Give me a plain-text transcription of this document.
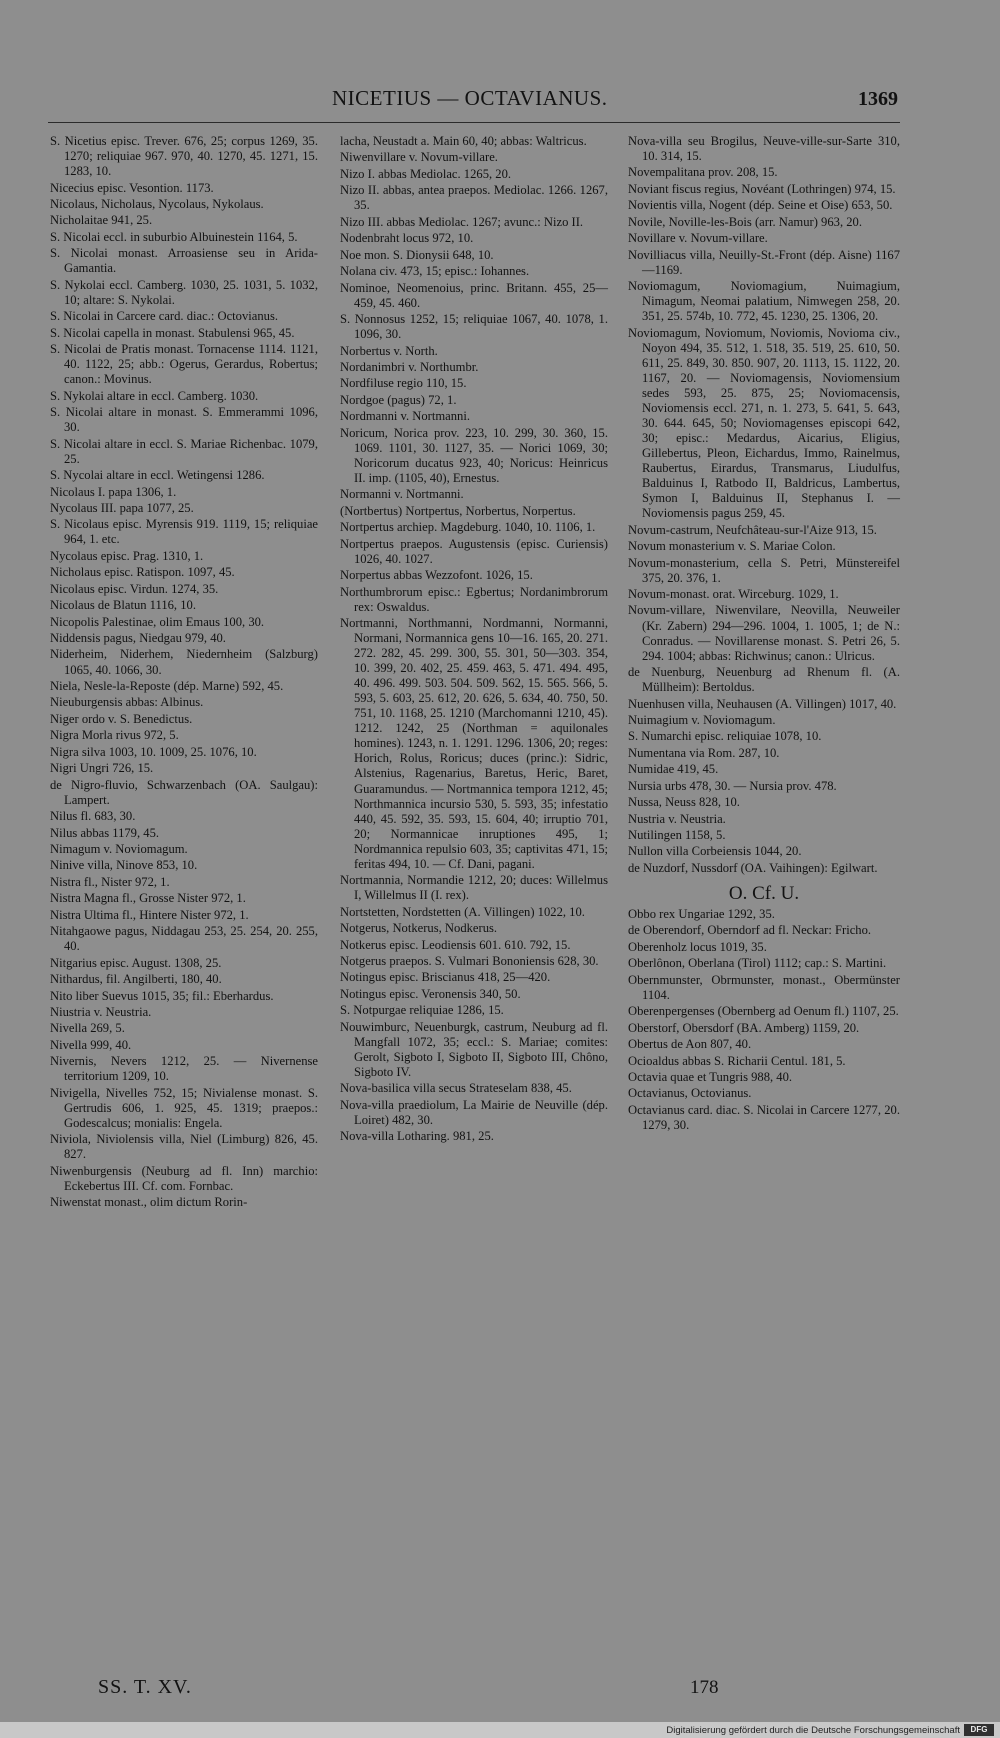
NICETIUS — OCTAVIANUS.	1369

S. Nicetius episc. Trever. 676, 25; corpus 1269, 35. 1270; reliquiae 967. 970, 40. 1270, 45. 1271, 15. 1283, 10.

Nicecius episc. Vesontion. 1173.

Nicolaus, Nicholaus, Nycolaus, Nykolaus.

Nicholaitae 941, 25.

S. Nicolai eccl. in suburbio Albuinestein 1164, 5.

S. Nicolai monast. Arroasiense seu in Arida-Gamantia.

S. Nykolai eccl. Camberg. 1030, 25. 1031, 5. 1032, 10; altare: S. Nykolai.

S. Nicolai in Carcere card. diac.: Octovianus.

S. Nicolai capella in monast. Stabulensi 965, 45.

S. Nicolai de Pratis monast. Tornacense 1114. 1121, 40. 1122, 25; abb.: Ogerus, Gerardus, Robertus; canon.: Movinus.

S. Nykolai altare in eccl. Camberg. 1030.

S. Nicolai altare in monast. S. Emmerammi 1096, 30.

S. Nicolai altare in eccl. S. Mariae Richenbac. 1079, 25.

S. Nycolai altare in eccl. Wetingensi 1286.

Nicolaus I. papa 1306, 1.

Nycolaus III. papa 1077, 25.

S. Nicolaus episc. Myrensis 919. 1119, 15; reliquiae 964, 1. etc.

Nycolaus episc. Prag. 1310, 1.

Nicholaus episc. Ratispon. 1097, 45.

Nicolaus episc. Virdun. 1274, 35.

Nicolaus de Blatun 1116, 10.

Nicopolis Palestinae, olim Emaus 100, 30.

Niddensis pagus, Niedgau 979, 40.

Niderheim, Niderhem, Niedernheim (Salzburg) 1065, 40. 1066, 30.

Niela, Nesle-la-Reposte (dép. Marne) 592, 45.

Nieuburgensis abbas: Albinus.

Niger ordo v. S. Benedictus.

Nigra Morla rivus 972, 5.

Nigra silva 1003, 10. 1009, 25. 1076, 10.

Nigri Ungri 726, 15.

de Nigro-fluvio, Schwarzenbach (OA. Saulgau): Lampert.

Nilus fl. 683, 30.

Nilus abbas 1179, 45.

Nimagum v. Noviomagum.

Ninive villa, Ninove 853, 10.

Nistra fl., Nister 972, 1.

Nistra Magna fl., Grosse Nister 972, 1.

Nistra Ultima fl., Hintere Nister 972, 1.

Nitahgaowe pagus, Niddagau 253, 25. 254, 20. 255, 40.

Nitgarius episc. August. 1308, 25.

Nithardus, fil. Angilberti, 180, 40.

Nito liber Suevus 1015, 35; fil.: Eberhardus.

Niustria v. Neustria.

Nivella 269, 5.

Nivella 999, 40.

Nivernis, Nevers 1212, 25. — Nivernense territorium 1209, 10.

Nivigella, Nivelles 752, 15; Nivialense monast. S. Gertrudis 606, 1. 925, 45. 1319; praepos.: Godescalcus; monialis: Engela.

Niviola, Niviolensis villa, Niel (Limburg) 826, 45. 827.

Niwenburgensis (Neuburg ad fl. Inn) marchio: Eckebertus III. Cf. com. Fornbac.

Niwenstat monast., olim dictum Rorin-

lacha, Neustadt a. Main 60, 40; abbas: Waltricus.

Niwenvillare v. Novum-villare.

Nizo I. abbas Mediolac. 1265, 20.

Nizo II. abbas, antea praepos. Mediolac. 1266. 1267, 35.

Nizo III. abbas Mediolac. 1267; avunc.: Nizo II.

Nodenbraht locus 972, 10.

Noe mon. S. Dionysii 648, 10.

Nolana civ. 473, 15; episc.: Iohannes.

Nominoe, Neomenoius, princ. Britann. 455, 25—459, 45. 460.

S. Nonnosus 1252, 15; reliquiae 1067, 40. 1078, 1. 1096, 30.

Norbertus v. North.

Nordanimbri v. Northumbr.

Nordfiluse regio 110, 15.

Nordgoe (pagus) 72, 1.

Nordmanni v. Nortmanni.

Noricum, Norica prov. 223, 10. 299, 30. 360, 15. 1069. 1101, 30. 1127, 35. — Norici 1069, 30; Noricorum ducatus 923, 40; Noricus: Heinricus II. imp. (1105, 40), Ernestus.

Normanni v. Nortmanni.

(Nortbertus) Nortpertus, Norbertus, Norpertus.

Nortpertus archiep. Magdeburg. 1040, 10. 1106, 1.

Nortpertus praepos. Augustensis (episc. Curiensis) 1026, 40. 1027.

Norpertus abbas Wezzofont. 1026, 15.

Northumbrorum episc.: Egbertus; Nordanimbrorum rex: Oswaldus.

Nortmanni, Northmanni, Nordmanni, Normanni, Normani, Normannica gens 10—16. 165, 20. 271. 272. 282, 45. 299. 300, 55. 301, 50—303. 354, 10. 399, 20. 402, 25. 459. 463, 5. 471. 494. 495, 40. 496. 499. 503. 504. 509. 562, 15. 565. 566, 5. 593, 5. 603, 25. 612, 20. 626, 5. 634, 40. 750, 50. 751, 10. 1168, 25. 1210 (Marchomanni 1210, 45). 1212. 1242, 25 (Northman = aquilonales homines). 1243, n. 1. 1291. 1296. 1306, 20; reges: Horich, Rolus, Roricus; duces (princ.): Sidric, Alstenius, Ragenarius, Baretus, Heric, Baret, Guaramundus. — Nortmannica tempora 1212, 45; Northmannica incursio 530, 5. 593, 35; infestatio 440, 45. 592, 35. 593, 15. 604, 40; irruptio 701, 20; Normannicae inruptiones 495, 1; Nordmannica repulsio 603, 35; captivitas 471, 15; feritas 494, 10. — Cf. Dani, pagani.

Nortmannia, Normandie 1212, 20; duces: Willelmus I, Willelmus II (I. rex).

Nortstetten, Nordstetten (A. Villingen) 1022, 10.

Notgerus, Notkerus, Nodkerus.

Notkerus episc. Leodiensis 601. 610. 792, 15.

Notgerus praepos. S. Vulmari Bononiensis 628, 30.

Notingus episc. Briscianus 418, 25—420.

Notingus episc. Veronensis 340, 50.

S. Notpurgae reliquiae 1286, 15.

Nouwimburc, Neuenburgk, castrum, Neuburg ad fl. Mangfall 1072, 35; eccl.: S. Mariae; comites: Gerolt, Sigboto I, Sigboto II, Sigboto III, Chôno, Sigboto IV.

Nova-basilica villa secus Strateselam 838, 45.

Nova-villa praediolum, La Mairie de Neuville (dép. Loiret) 482, 30.

Nova-villa Lotharing. 981, 25.

Nova-villa seu Brogilus, Neuve-ville-sur-Sarte 310, 10. 314, 15.

Novempalitana prov. 208, 15.

Noviant fiscus regius, Novéant (Lothringen) 974, 15.

Novientis villa, Nogent (dép. Seine et Oise) 653, 50.

Novile, Noville-les-Bois (arr. Namur) 963, 20.

Novillare v. Novum-villare.

Novilliacus villa, Neuilly-St.-Front (dép. Aisne) 1167—1169.

Noviomagum, Noviomagium, Nuimagium, Nimagum, Neomai palatium, Nimwegen 258, 20. 351, 25. 574b, 10. 772, 45. 1230, 25. 1306, 20.

Noviomagum, Noviomum, Noviomis, Novioma civ., Noyon 494, 35. 512, 1. 518, 35. 519, 25. 610, 50. 611, 25. 849, 30. 850. 907, 20. 1113, 15. 1122, 20. 1167, 20. — Noviomagensis, Noviomensium sedes 593, 25. 875, 25; Noviomacensis, Noviomensis eccl. 271, n. 1. 273, 5. 641, 5. 643, 30. 644. 645, 50; Noviomagenses episcopi 642, 30; episc.: Medardus, Aicarius, Eligius, Gillebertus, Pleon, Eichardus, Immo, Rainelmus, Raubertus, Eirardus, Transmarus, Liudulfus, Balduinus I, Ratbodo II, Baldricus, Lambertus, Symon I, Balduinus II, Stephanus I. — Noviomensis pagus 259, 45.

Novum-castrum, Neufchâteau-sur-l'Aize 913, 15.

Novum monasterium v. S. Mariae Colon.

Novum-monasterium, cella S. Petri, Münstereifel 375, 20. 376, 1.

Novum-monast. orat. Wirceburg. 1029, 1.

Novum-villare, Niwenvilare, Neovilla, Neuweiler (Kr. Zabern) 294—296. 1004, 1. 1005, 1; de N.: Conradus. — Novillarense monast. S. Petri 26, 5. 294. 1004; abbas: Richwinus; canon.: Ulricus.

de Nuenburg, Neuenburg ad Rhenum fl. (A. Müllheim): Bertoldus.

Nuenhusen villa, Neuhausen (A. Villingen) 1017, 40.

Nuimagium v. Noviomagum.

S. Numarchi episc. reliquiae 1078, 10.

Numentana via Rom. 287, 10.

Numidae 419, 45.

Nursia urbs 478, 30. — Nursia prov. 478.

Nussa, Neuss 828, 10.

Nustria v. Neustria.

Nutilingen 1158, 5.

Nullon villa Corbeiensis 1044, 20.

de Nuzdorf, Nussdorf (OA. Vaihingen): Egilwart.

O. Cf. U.

Obbo rex Ungariae 1292, 35.

de Oberendorf, Oberndorf ad fl. Neckar: Fricho.

Oberenholz locus 1019, 35.

Oberlônon, Oberlana (Tirol) 1112; cap.: S. Martini.

Obernmunster, Obrmunster, monast., Obermünster 1104.

Oberenpergenses (Obernberg ad Oenum fl.) 1107, 25.

Oberstorf, Obersdorf (BA. Amberg) 1159, 20.

Obertus de Aon 807, 40.

Ocioaldus abbas S. Richarii Centul. 181, 5.

Octavia quae et Tungris 988, 40.

Octavianus, Octovianus.

Octavianus card. diac. S. Nicolai in Carcere 1277, 20. 1279, 30.

SS. T. XV.	178
Digitalisierung gefördert durch die Deutsche Forschungsgemeinschaft	DFG
